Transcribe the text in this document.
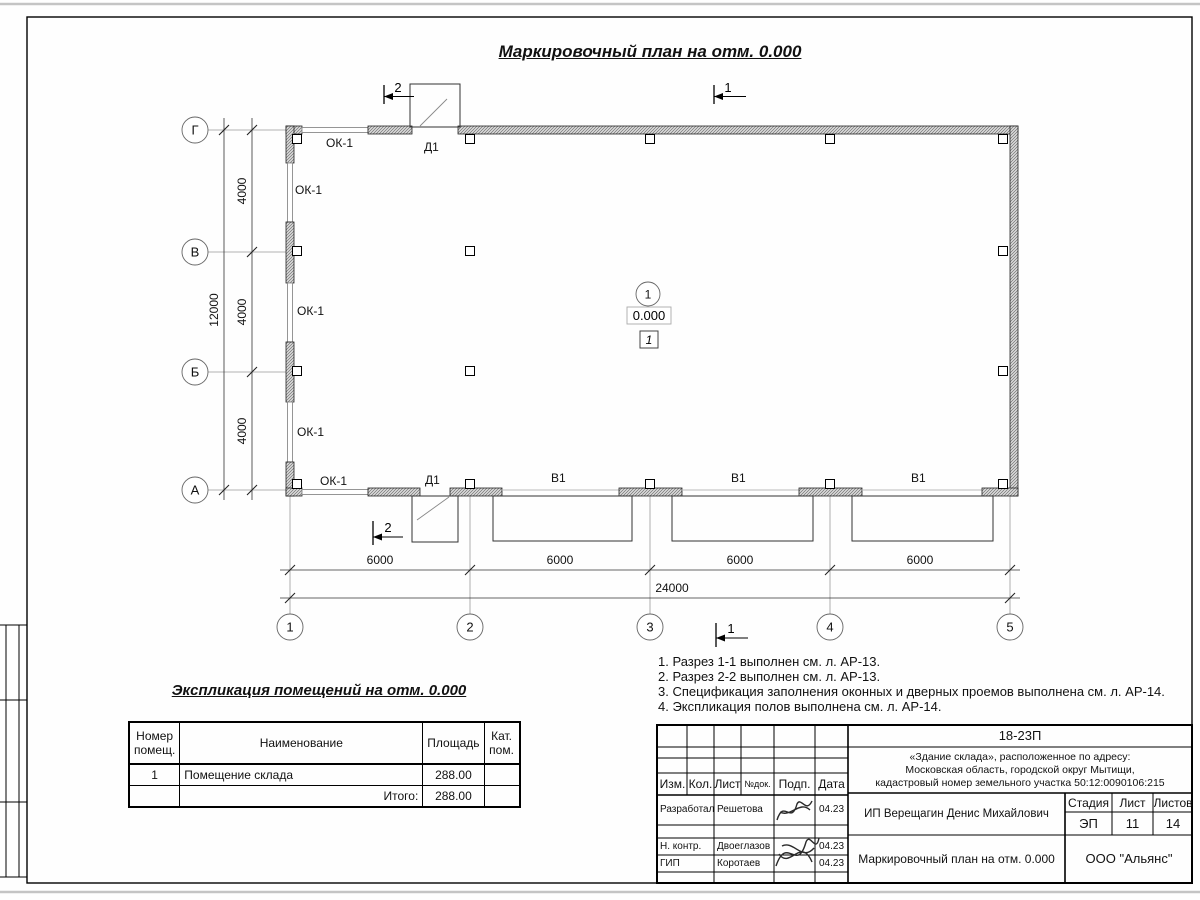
4000
4000
4000
12000
6000	6000	6000	6000
24000
Г
В
Б
А
1	2	3	4	5
ОК-1
ОК-1
ОК-1
ОК-1
ОК-1
Д1
Д1	В1	В1	В1
1
0.000
1
2	1
2
1
Маркировочный план на отм. 0.000
Экспликация помещений на отм. 0.000
1. Разрез 1-1 выполнен см. л. АР-13.
2. Разрез 2-2 выполнен см. л. АР-13.
3. Спецификация заполнения оконных и дверных проемов выполнена см. л. АР-14.
4. Экспликация полов выполнена см. л. АР-14.
Номер помещ.	Наименование	Площадь	Кат. пом.
1	Помещение склада	288.00	
	Итого:	288.00	
Изм. Кол. Лист №док. Подп. Дата
Разработал Решетова	04.23
Н. контр.	Двоеглазов	04.23
ГИП	Коротаев	04.23
18-23П
«Здание склада», расположенное по адресу:
Московская область, городской округ Мытищи,
кадастровый номер земельного участка 50:12:0090106:215
ИП Верещагин Денис Михайлович
Стадия Лист Листов
ЭП	11	14
Маркировочный план на отм. 0.000	ООО "Альянс"
